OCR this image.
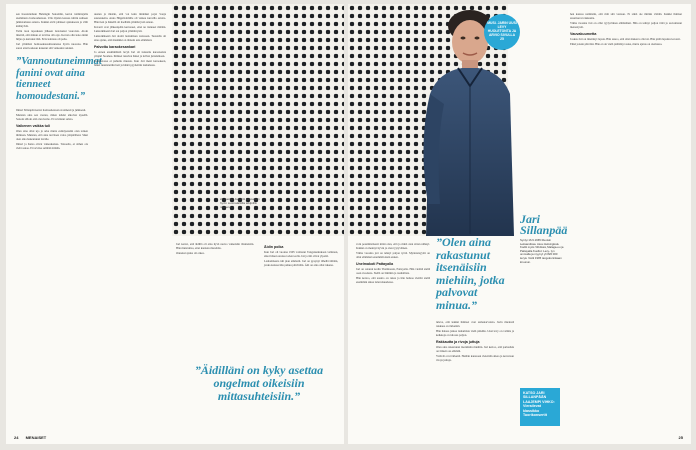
sen haastatteluun Helsingin Sanomiin, kertoi toimittajalle aiemmasta homoudestaan. Ulla Ojalan kanssa tultiin suhteen julkistamaan asiasta. Kaikki eivät pitäneet ajatuksesta ja välit kääntyivät.

Tulin tuon tapauksen jälkeen tietoiseksi vaaroista. Aloin miettiä, että minun ei tarvitse olla ujo. Kerran olin koko ikäni hiljaa ja kartanut tätä. Eräs kohtaus oli paha.

Jari ymmärsi homoseksuaalisuutensa hyvin nuorena. Hän sanoi ettei koskaan kokenut sitä vaikeaksi asiaksi.

”Vannoutuneimmat fanini ovat aina tienneet homoudestani.”

Ilmari Sillanpää kertoi homoudestaan avoimesti ja julkisesti.

Muistan aina sen vaaran, miten lehdet alkoivat kysellä. Sanoin silloin että olen homo. Ei tarvinnut salata.

Vaikenen vaikka tuli

Olen aina ollut ujo ja arka mutta esiintyessäni olen toinen ihminen. Muistan, että aina tarvitsen valoa ympärilleni. Siksi olen aina hakeutunut lavalle.

Ilmari ja Kaisa olivat vaikeuksissa. Toisaalta, ei siihen ole vielä sanaa. Ei tarvitse selittää mitään.

uusien ja mistän, että voi kuin miniäksi pojat Sonja suurennettu. Anna Hägerholmille oli vaikea kuvailla asioita. Hän tiesi ja hänellä oli itsellään ymmärrystä asiaan.

Kaverit ovat jälkeenpäin kertoneet, ettei ne tienneet mitään. Lukioikäisenä Jari sai paljon ymmärrystä.

Lukioikäisenä Jari aloitti laulamisen tosissaan. Taustalla oli aina ajatus, että musiikki on tärkein asia elämässä.

Palvottu karaokesankari

Jo ennen ensimmäistä levyä Jari oli tunnettu karaokeista ympäri Suomea. Ihmiset tunsivat hänet ja tulivat juttelemaan.

Televisiossa ei puhuttu muusta. Kun Jari meni karaokeen, hänet tunnistettiin heti ja häntä pyydettiin laulamaan.

24-vuotias Jari eriti kokoaiken hyvin suomalaisilla tekijöillä nuorena.
Äidin poika

Kun Jari oli vuonna 1995 voittanut Tangokuninkaan valinnan, alkoi hänen uransa toden teolla. Isä ja äiti olivat ylpeitä.

Laulamisesta tuli pian ammatti. Jari on pysynyt lähellä äitiään, jonka kanssa hän puhuu päivittäin. Äiti on aina ollut tukena.

Jari kertoi, että äidillä oli aina hyvä neuvo vaikeisiin tilanteisiin. Hän muistuttaa, ettei kannata murehtia.

Onneksi ajatus oli oikea.

”Äidilläni on kyky asettaa ongelmat oikeisiin mittasuhteisiin.”
24 MENAISET
MUSI. JARIN UUSI LEVY HUOLETONTA JA ARVIO SIVULLA 25
”Olen aina rakastunut itsenäisiin miehiin, jotka palvovat minua.”

voin pessimistisesti minä olen, että ja minä olen sitten nähnyt. Kaikki on mennyt hyvin ja olen tyytyväinen.

Viime vuosina jari on tehnyt paljon työtä. Myönteisyyttä on ollut elämässä enemmän kuin ennen.

Unelmakoti Pattayalla

Jari on ostanut kodin Thaimaasta, Pattayalta. Hän viettää siellä osan vuodesta. Siellä on lämmin ja rauhallista.

Hän kertoo, että asunto on rakas ja hän haluaa viettää siellä enemmän aikaa tulevaisuudessa.

tuleva, että kaikki ihmiset ovat samanarvoisia. Jarin mielestä rakkaus on tärkeintä.

Hän haluaa jatkaa laulamista vielä pitkään. Uusi levy on valmis ja keikkoja on tulossa paljon.

Rakkautta ja rivoja juttuja

Olen aina rakastunut itsenäisiin miehiin. Jari kertoo, että parisuhde on tärkeä osa elämää.

Ystävät ovat tärkeitä. Heidän kanssaan vietetään aikaa ja kerrotaan rivoja juttuja.

Jari Sillanpää
Syntyi 16.9.1965 Ruotsin Leksandissa. Asuu Helsingissä. Koditi myös Vihdissä, Malaga-uu ja Pattayalla Kuollut: Levy- tyn ommalla ja myynyt yli 820 000 levyä. Voitti 1995 tangokuninkaan kruunun.
KATSO JARI SILLANPÄÄN LAAJEMPI VIHKO: Vierailevat klassikko Tuorikonsertit

hen kanssa naimisiin, että miä sitä vastaan. Ei siinä ole mitään väärää. Kaikki ihmiset ansaitsevat rakkautta.

Viime vuosina Jari on ollut tyytyväinen elämäänsä. Hän on tehnyt paljon töitä ja saavuttanut menestystä.

Vauvakuumetta

Joskus Jari on miettinyt lapsia. Hän sanoo, että olisi mukava olla isä. Hän pitää lapsista kovasti.

Ehkä jonain päivänä. Hän ei ole vielä päättänyt asiaa, mutta ajatus on olemassa.

25
